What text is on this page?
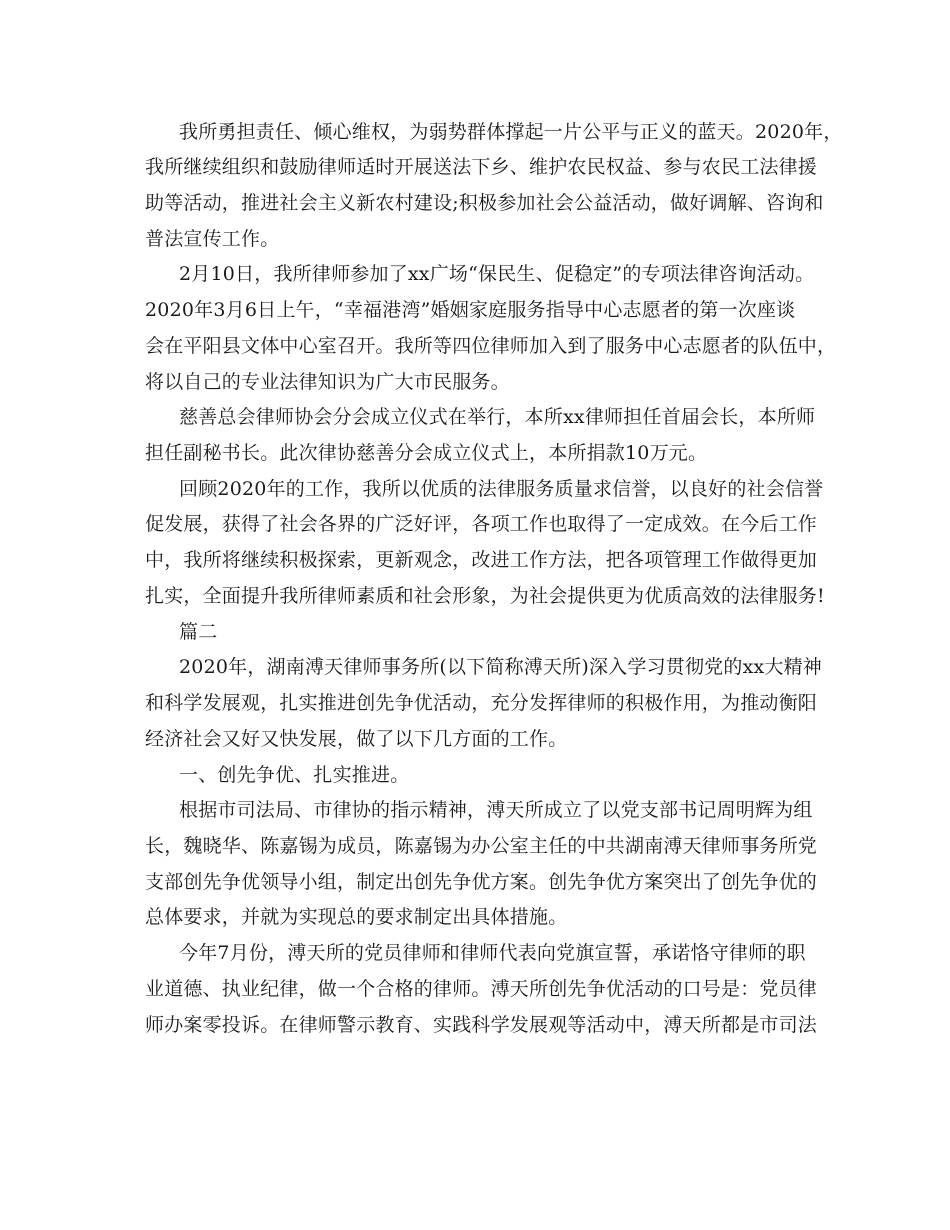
我所勇担责任、倾心维权，为弱势群体撑起一片公平与正义的蓝天。2020年，
我所继续组织和鼓励律师适时开展送法下乡、维护农民权益、参与农民工法律援
助等活动，推进社会主义新农村建设;积极参加社会公益活动，做好调解、咨询和
普法宣传工作。
2月10日，我所律师参加了xx广场“保民生、促稳定”的专项法律咨询活动。
2020年3月6日上午，“幸福港湾”婚姻家庭服务指导中心志愿者的第一次座谈
会在平阳县文体中心室召开。我所等四位律师加入到了服务中心志愿者的队伍中，
将以自己的专业法律知识为广大市民服务。
慈善总会律师协会分会成立仪式在举行，本所xx律师担任首届会长，本所师
担任副秘书长。此次律协慈善分会成立仪式上，本所捐款10万元。
回顾2020年的工作，我所以优质的法律服务质量求信誉，以良好的社会信誉
促发展，获得了社会各界的广泛好评，各项工作也取得了一定成效。在今后工作
中，我所将继续积极探索，更新观念，改进工作方法，把各项管理工作做得更加
扎实，全面提升我所律师素质和社会形象，为社会提供更为优质高效的法律服务!
篇二
2020年，湖南溥天律师事务所(以下简称溥天所)深入学习贯彻党的xx大精神
和科学发展观，扎实推进创先争优活动，充分发挥律师的积极作用，为推动衡阳
经济社会又好又快发展，做了以下几方面的工作。
一、创先争优、扎实推进。
根据市司法局、市律协的指示精神，溥天所成立了以党支部书记周明辉为组
长，魏晓华、陈嘉锡为成员，陈嘉锡为办公室主任的中共湖南溥天律师事务所党
支部创先争优领导小组，制定出创先争优方案。创先争优方案突出了创先争优的
总体要求，并就为实现总的要求制定出具体措施。
今年7月份，溥天所的党员律师和律师代表向党旗宣誓，承诺恪守律师的职
业道德、执业纪律，做一个合格的律师。溥天所创先争优活动的口号是：党员律
师办案零投诉。在律师警示教育、实践科学发展观等活动中，溥天所都是市司法
